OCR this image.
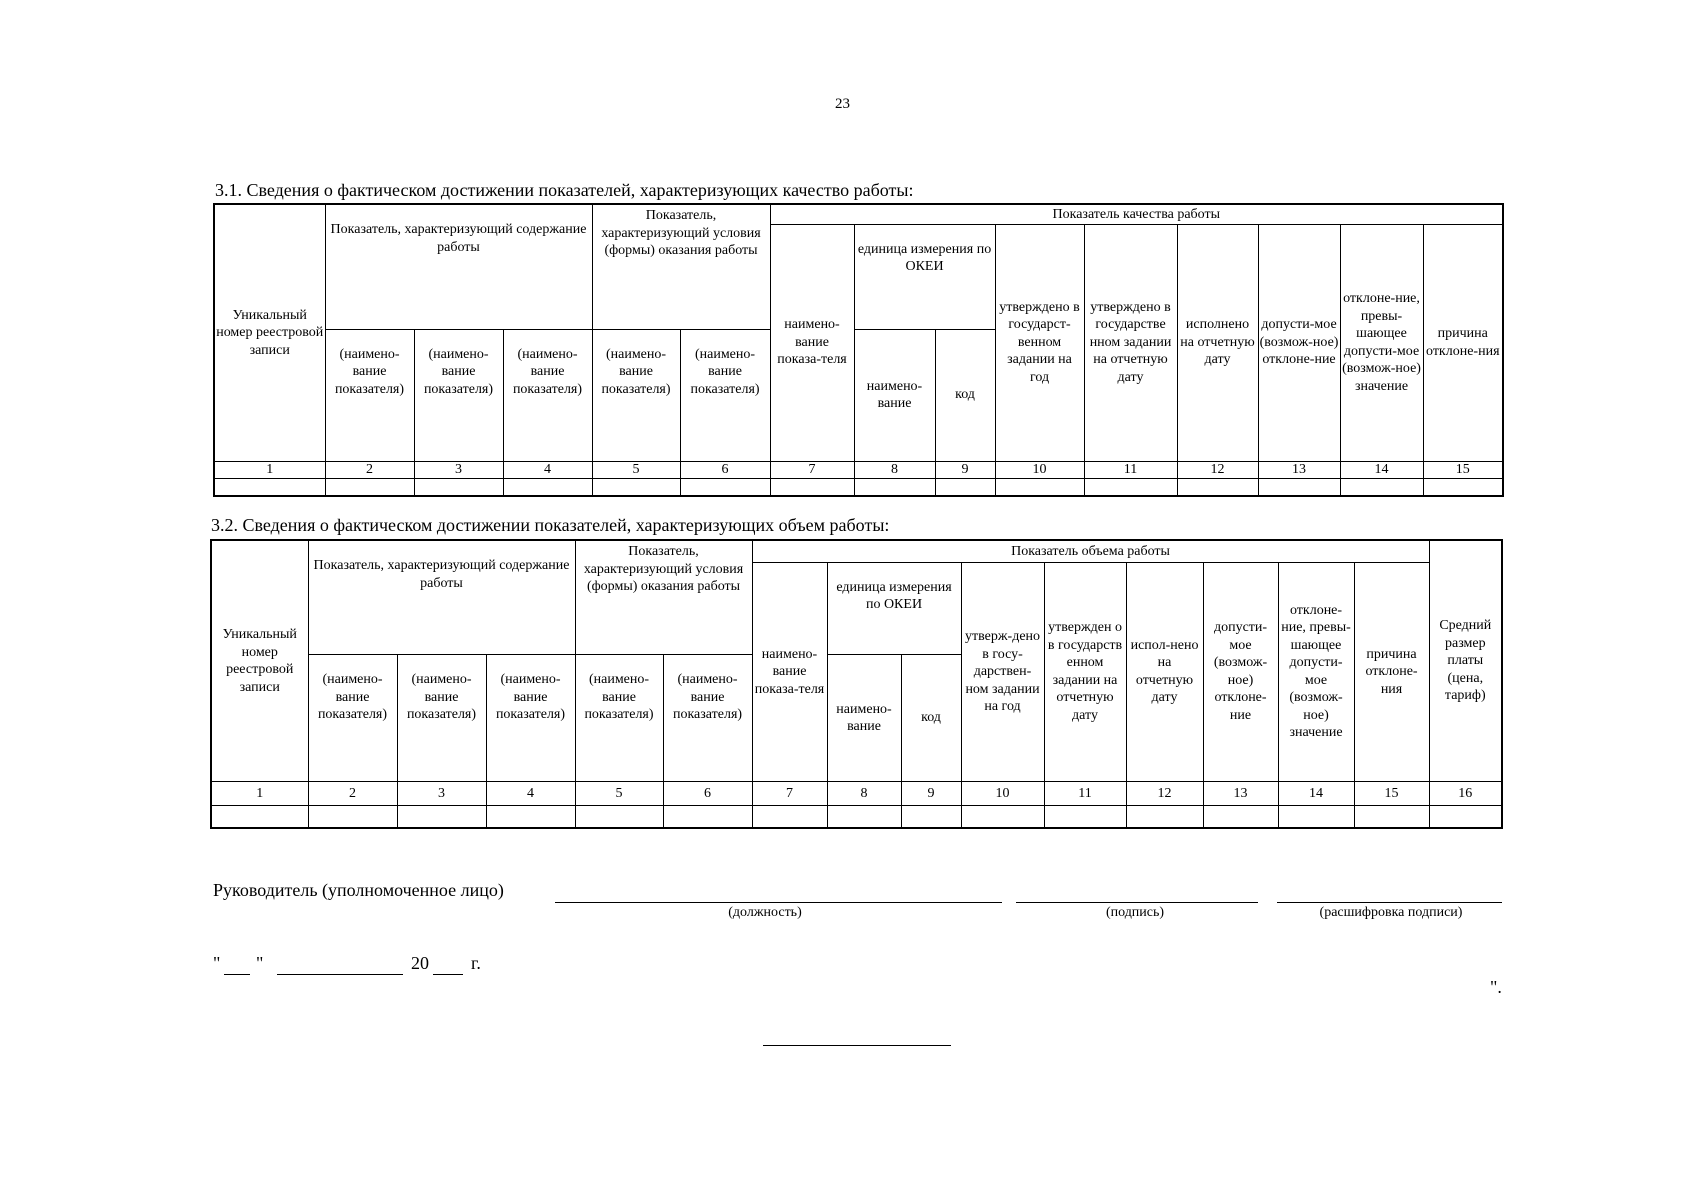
23
3.1. Сведения о фактическом достижении показателей, характеризующих качество работы:
Уникальный номер реестровой записи	Показатель, характеризующий содержание работы			Показатель, характеризующий условия (формы) оказания работы		Показатель качества работы								
						наимено-вание показа-теля	единица измерения по ОКЕИ		утверждено в государст-венном задании на год	утверждено в государстве нном задании на отчетную дату	исполнено на отчетную дату	допусти-мое (возмож-ное) отклоне-ние	отклоне-ние, превы-шающее допусти-мое (возмож-ное) значение	причина отклоне-ния
	(наимено-вание показателя)	(наимено-вание показателя)	(наимено-вание показателя)	(наимено-вание показателя)	(наимено-вание показателя)		наимено-вание	код						
1	2	3	4	5	6	7	8	9	10	11	12	13	14	15

3.2. Сведения о фактическом достижении показателей, характеризующих объем работы:
Уникальный номер реестровой записи	Показатель, характеризующий содержание работы			Показатель, характеризующий условия (формы) оказания работы		Показатель объема работы									Средний размер платы (цена, тариф)
						наимено-вание показа-теля	единица измерения по ОКЕИ		утверж-дено в госу-дарствен-ном задании на год	утвержден о в государств енном задании на отчетную дату	испол-нено на отчетную дату	допусти-мое (возмож-ное) отклоне-ние	отклоне-ние, превы-шающее допусти-мое (возмож-ное) значение	причина отклоне-ния	
	(наимено-вание показателя)	(наимено-вание показателя)	(наимено-вание показателя)	(наимено-вание показателя)	(наимено-вание показателя)		наимено-вание	код							
1	2	3	4	5	6	7	8	9	10	11	12	13	14	15	16

Руководитель (уполномоченное лицо)
(должность)	(подпись)	(расшифровка подписи)
" "	20 г.
".
